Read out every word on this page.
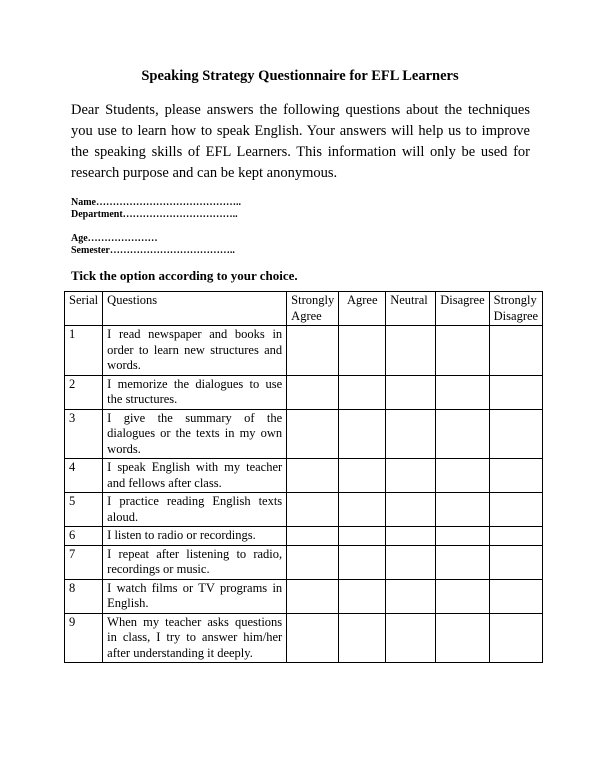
Speaking Strategy Questionnaire for EFL Learners

Dear Students, please answers the following questions about the techniques you use to learn how to speak English. Your answers will help us to improve the speaking skills of EFL Learners. This information will only be used for research purpose and can be kept anonymous.

Name……………………………………..
Department……………………………..
Age…………………
Semester………………………………..
Tick the option according to your choice.
Serial	Questions	Strongly Agree	Agree	Neutral	Disagree	Strongly Disagree
1	I read newspaper and books in order to learn new structures and words.					
2	I memorize the dialogues to use the structures.					
3	I give the summary of the dialogues or the texts in my own words.					
4	I speak English with my teacher and fellows after class.					
5	I practice reading English texts aloud.					
6	I listen to radio or recordings.					
7	I repeat after listening to radio, recordings or music.					
8	I watch films or TV programs in English.					
9	When my teacher asks questions in class, I try to answer him/her after understanding it deeply.					
